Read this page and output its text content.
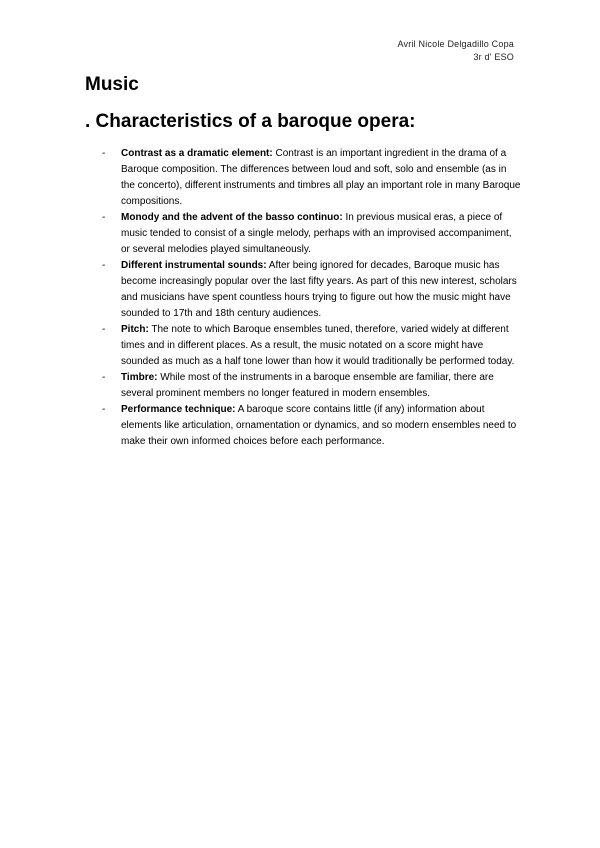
Avril Nicole Delgadillo Copa
3r d' ESO
Music
. Characteristics of a baroque opera:
- Contrast as a dramatic element: Contrast is an important ingredient in the drama of a Baroque composition. The differences between loud and soft, solo and ensemble (as in the concerto), different instruments and timbres all play an important role in many Baroque compositions.
- Monody and the advent of the basso continuo: In previous musical eras, a piece of music tended to consist of a single melody, perhaps with an improvised accompaniment, or several melodies played simultaneously.
- Different instrumental sounds: After being ignored for decades, Baroque music has become increasingly popular over the last fifty years. As part of this new interest, scholars and musicians have spent countless hours trying to figure out how the music might have sounded to 17th and 18th century audiences.
- Pitch: The note to which Baroque ensembles tuned, therefore, varied widely at different times and in different places. As a result, the music notated on a score might have sounded as much as a half tone lower than how it would traditionally be performed today.
- Timbre: While most of the instruments in a baroque ensemble are familiar, there are several prominent members no longer featured in modern ensembles.
- Performance technique: A baroque score contains little (if any) information about elements like articulation, ornamentation or dynamics, and so modern ensembles need to make their own informed choices before each performance.
